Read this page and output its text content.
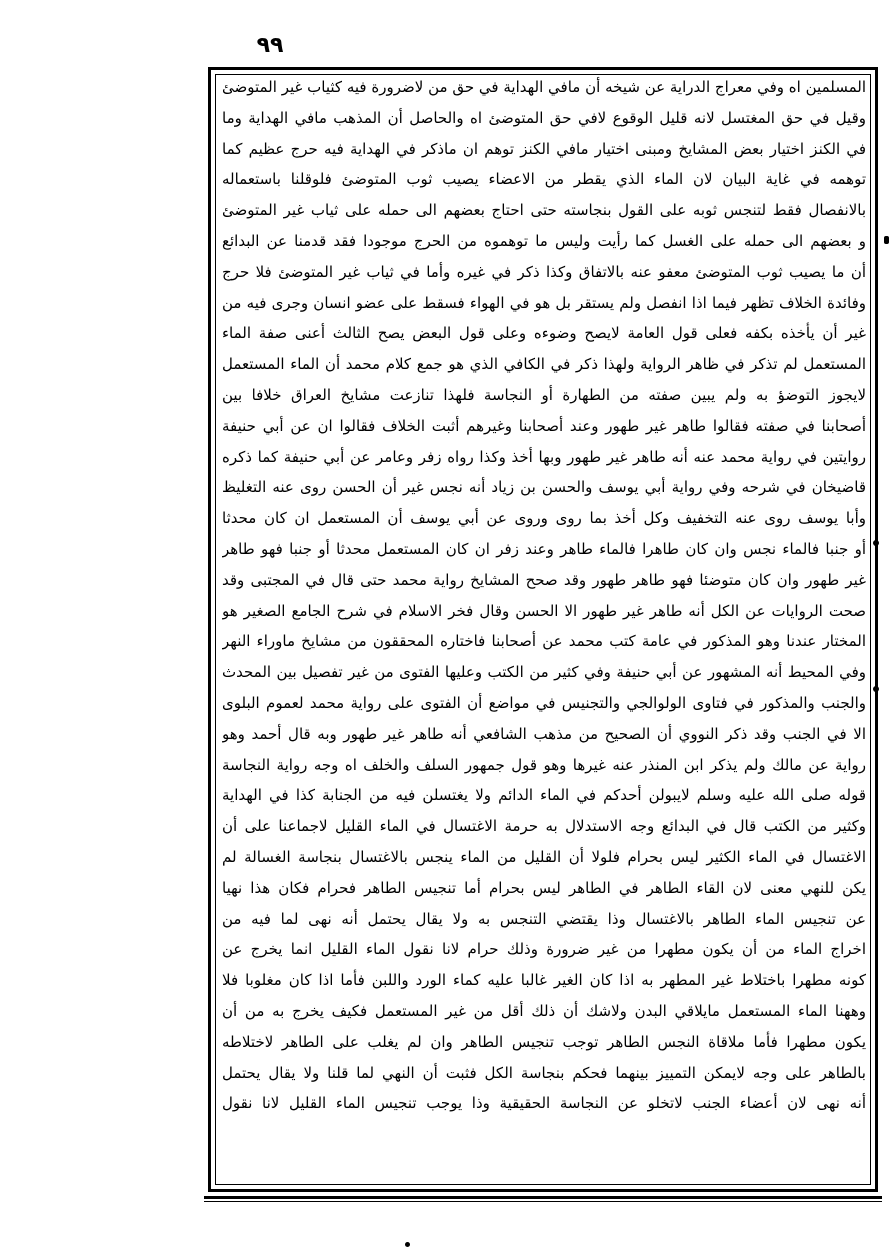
٩٩
المسلمين اه وفي معراج الدراية عن شيخه أن مافي الهداية في حق من لاضرورة فيه كثياب غير المتوضئ
وقيل في حق المغتسل لانه قليل الوقوع لافي حق المتوضئ اه والحاصل أن المذهب مافي الهداية وما
في الكنز اختيار بعض المشايخ ومبنى اختيار مافي الكنز توهم ان ماذكر في الهداية فيه حرج عظيم كما
توهمه في غاية البيان لان الماء الذي يقطر من الاعضاء يصيب ثوب المتوضئ فلوقلنا باستعماله
بالانفصال فقط لتنجس ثوبه على القول بنجاسته حتى احتاج بعضهم الى حمله على ثياب غير المتوضئ
و بعضهم الى حمله على الغسل كما رأيت وليس ما توهموه من الحرج موجودا فقد قدمنا عن البدائع
أن ما يصيب ثوب المتوضئ معفو عنه بالاتفاق وكذا ذكر في غيره وأما في ثياب غير المتوضئ فلا حرج
وفائدة الخلاف تظهر فيما اذا انفصل ولم يستقر بل هو في الهواء فسقط على عضو انسان وجرى فيه من
غير أن يأخذه بكفه فعلى قول العامة لايصح وضوءه وعلى قول البعض يصح الثالث أعنى صفة الماء
المستعمل لم تذكر في ظاهر الرواية ولهذا ذكر في الكافي الذي هو جمع كلام محمد أن الماء المستعمل
لايجوز التوضؤ به ولم يبين صفته من الطهارة أو النجاسة فلهذا تنازعت مشايخ العراق خلافا بين
أصحابنا في صفته فقالوا طاهر غير طهور وعند أصحابنا وغيرهم أثبت الخلاف فقالوا ان عن أبي حنيفة
روايتين في رواية محمد عنه أنه طاهر غير طهور وبها أخذ وكذا رواه زفر وعامر عن أبي حنيفة كما ذكره
قاضيخان في شرحه وفي رواية أبي يوسف والحسن بن زياد أنه نجس غير أن الحسن روى عنه التغليظ
وأبا يوسف روى عنه التخفيف وكل أخذ بما روى وروى عن أبي يوسف أن المستعمل ان كان محدثا
أو جنبا فالماء نجس وان كان طاهرا فالماء طاهر وعند زفر ان كان المستعمل محدثا أو جنبا فهو طاهر
غير طهور وان كان متوضئا فهو طاهر طهور وقد صحح المشايخ رواية محمد حتى قال في المجتبى وقد
صحت الروايات عن الكل أنه طاهر غير طهور الا الحسن وقال فخر الاسلام في شرح الجامع الصغير هو
المختار عندنا وهو المذكور في عامة كتب محمد عن أصحابنا فاختاره المحققون من مشايخ ماوراء النهر
وفي المحيط أنه المشهور عن أبي حنيفة وفي كثير من الكتب وعليها الفتوى من غير تفصيل بين المحدث
والجنب والمذكور في فتاوى الولوالجي والتجنيس في مواضع أن الفتوى على رواية محمد لعموم البلوى
الا في الجنب وقد ذكر النووي أن الصحيح من مذهب الشافعي أنه طاهر غير طهور وبه قال أحمد وهو
رواية عن مالك ولم يذكر ابن المنذر عنه غيرها وهو قول جمهور السلف والخلف اه وجه رواية النجاسة
قوله صلى الله عليه وسلم لايبولن أحدكم في الماء الدائم ولا يغتسلن فيه من الجنابة كذا في الهداية
وكثير من الكتب قال في البدائع وجه الاستدلال به حرمة الاغتسال في الماء القليل لاجماعنا على أن
الاغتسال في الماء الكثير ليس بحرام فلولا أن القليل من الماء ينجس بالاغتسال بنجاسة الغسالة لم
يكن للنهي معنى لان القاء الطاهر في الطاهر ليس بحرام أما تنجيس الطاهر فحرام فكان هذا نهيا
عن تنجيس الماء الطاهر بالاغتسال وذا يقتضي التنجس به ولا يقال يحتمل أنه نهى لما فيه من
اخراج الماء من أن يكون مطهرا من غير ضرورة وذلك حرام لانا نقول الماء القليل انما يخرج عن
كونه مطهرا باختلاط غير المطهر به اذا كان الغير غالبا عليه كماء الورد واللبن فأما اذا كان مغلوبا فلا
وههنا الماء المستعمل مايلاقي البدن ولاشك أن ذلك أقل من غير المستعمل فكيف يخرج به من أن
يكون مطهرا فأما ملاقاة النجس الطاهر توجب تنجيس الطاهر وان لم يغلب على الطاهر لاختلاطه
بالطاهر على وجه لايمكن التمييز بينهما فحكم بنجاسة الكل فثبت أن النهي لما قلنا ولا يقال يحتمل
أنه نهى لان أعضاء الجنب لاتخلو عن النجاسة الحقيقية وذا يوجب تنجيس الماء القليل لانا نقول
